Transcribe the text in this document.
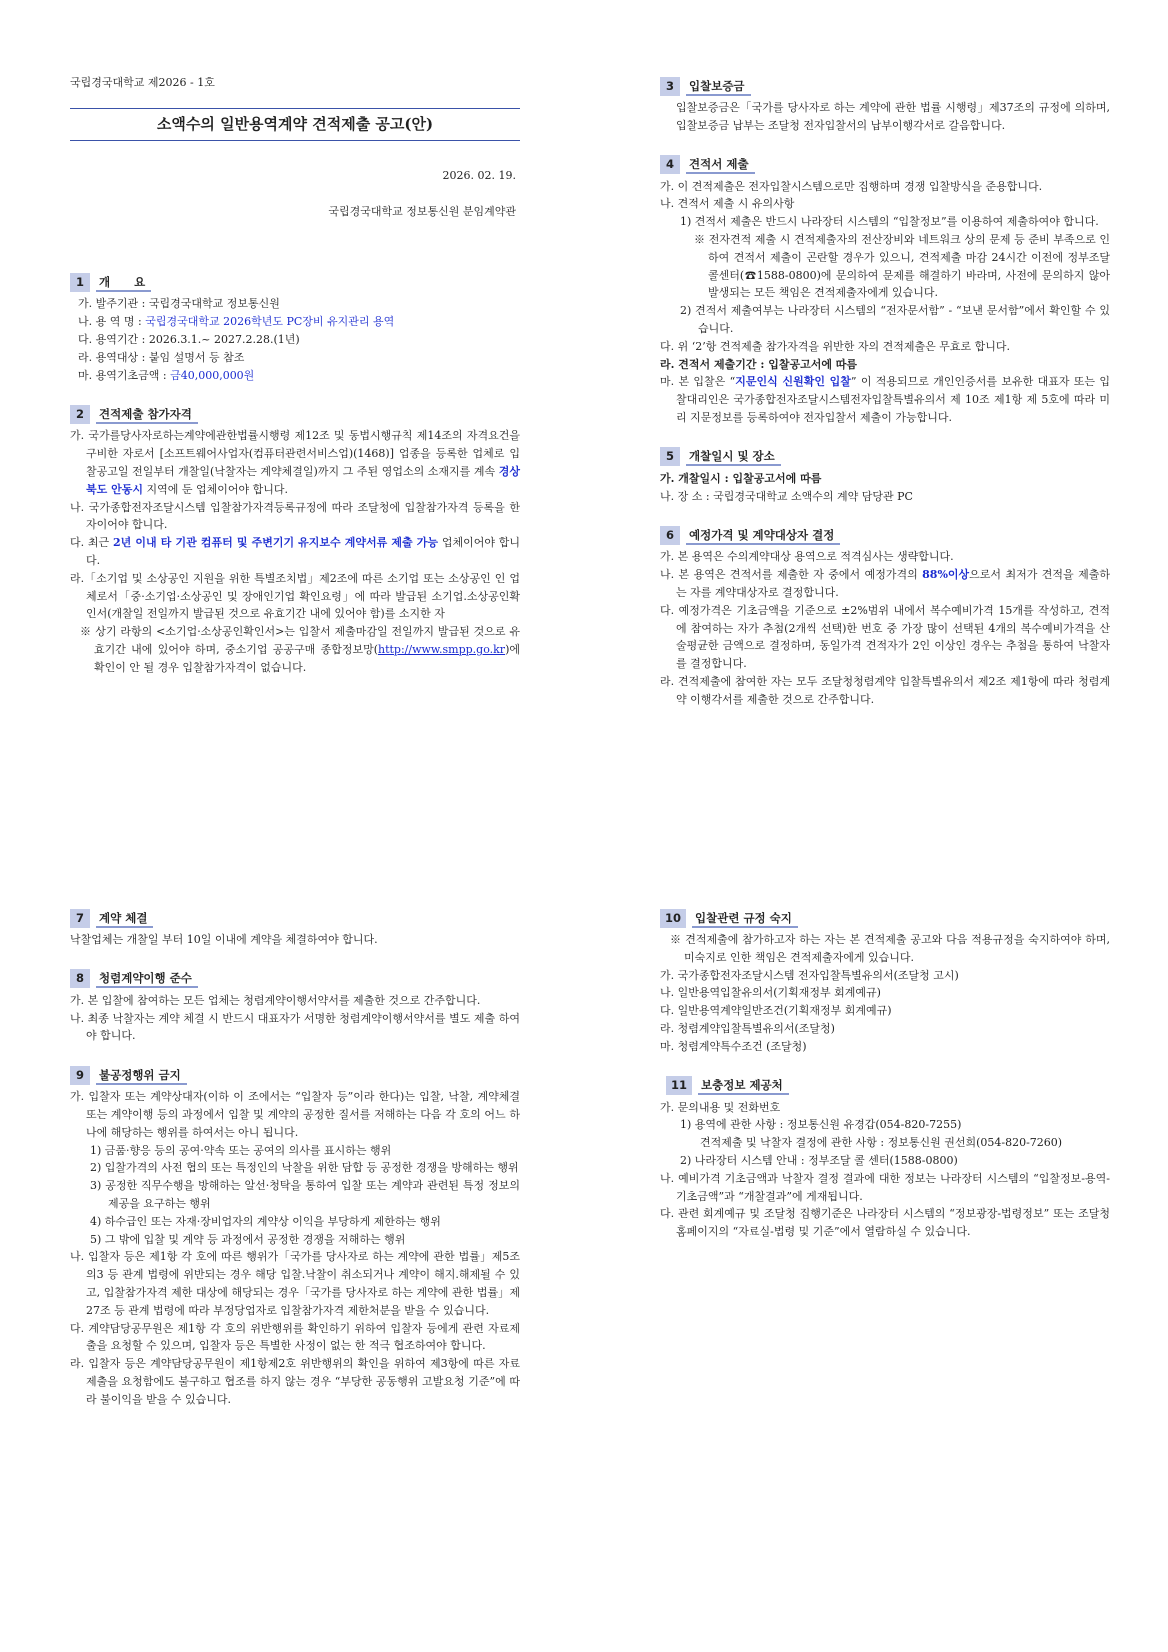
국립경국대학교 제2026 - 1호

소액수의 일반용역계약 견적제출 공고(안)
2026. 02. 19.
국립경국대학교 정보통신원 분임계약관
1	개      요

가. 발주기관 : 국립경국대학교 정보통신원

나. 용 역 명 : 국립경국대학교 2026학년도 PC장비 유지관리 용역

다. 용역기간 : 2026.3.1.~ 2027.2.28.(1년)

라. 용역대상 : 붙임 설명서 등 참조

마. 용역기초금액 : 금40,000,000원

2	견적제출 참가자격

가. 국가를당사자로하는계약에관한법률시행령 제12조 및 동법시행규칙 제14조의 자격요건을 구비한 자로서 [소프트웨어사업자(컴퓨터관련서비스업)(1468)] 업종을 등록한 업체로 입찰공고일 전일부터 개찰일(낙찰자는 계약체결일)까지 그 주된 영업소의 소재지를 계속 경상북도 안동시 지역에 둔 업체이어야 합니다.

나. 국가종합전자조달시스템 입찰참가자격등록규정에 따라 조달청에 입찰참가자격 등록을 한 자이어야 합니다.

다. 최근 2년 이내 타 기관 컴퓨터 및 주변기기 유지보수 계약서류 제출 가능 업체이어야 합니다.

라.「소기업 및 소상공인 지원을 위한 특별조치법」제2조에 따른 소기업 또는 소상공인 인 업체로서「중·소기업·소상공인 및 장애인기업 확인요령」에 따라 발급된 소기업.소상공인확인서(개찰일 전일까지 발급된 것으로 유효기간 내에 있어야 함)를 소지한 자

※ 상기 라항의 <소기업·소상공인확인서>는 입찰서 제출마감일 전일까지 발급된 것으로 유효기간 내에 있어야 하며, 중소기업 공공구매 종합정보망(http://www.smpp.go.kr)에 확인이 안 될 경우 입찰참가자격이 없습니다.

3	입찰보증금

입찰보증금은「국가를 당사자로 하는 계약에 관한 법률 시행령」제37조의 규정에 의하며, 입찰보증금 납부는 조달청 전자입찰서의 납부이행각서로 갈음합니다.

4	견적서 제출

가. 이 견적제출은 전자입찰시스템으로만 집행하며 경쟁 입찰방식을 준용합니다.

나. 견적서 제출 시 유의사항

1) 견적서 제출은 반드시 나라장터 시스템의 “입찰정보”를 이용하여 제출하여야 합니다.

※ 전자견적 제출 시 견적제출자의 전산장비와 네트워크 상의 문제 등 준비 부족으로 인하여 견적서 제출이 곤란할 경우가 있으니, 견적제출 마감 24시간 이전에 정부조달 콜센터(☎1588-0800)에 문의하여 문제를 해결하기 바라며, 사전에 문의하지 않아 발생되는 모든 책임은 견적제출자에게 있습니다.

2) 견적서 제출여부는 나라장터 시스템의 “전자문서함” - “보낸 문서함”에서 확인할 수 있습니다.

다. 위 ‘2’항 견적제출 참가자격을 위반한 자의 견적제출은 무효로 합니다.

라. 견적서 제출기간 : 입찰공고서에 따름

마. 본 입찰은 “지문인식 신원확인 입찰” 이 적용되므로 개인인증서를 보유한 대표자 또는 입찰대리인은 국가종합전자조달시스템전자입찰특별유의서 제 10조 제1항 제 5호에 따라 미리 지문정보를 등록하여야 전자입찰서 제출이 가능합니다.

5	개찰일시 및 장소

가. 개찰일시 : 입찰공고서에 따름

나. 장 소 : 국립경국대학교 소액수의 계약 담당관 PC

6	예정가격 및 계약대상자 결정

가. 본 용역은 수의계약대상 용역으로 적격심사는 생략합니다.

나. 본 용역은 견적서를 제출한 자 중에서 예정가격의 88%이상으로서 최저가 견적을 제출하는 자를 계약대상자로 결정합니다.

다. 예정가격은 기초금액을 기준으로 ±2%범위 내에서 복수예비가격 15개를 작성하고, 견적에 참여하는 자가 추첨(2개씩 선택)한 번호 중 가장 많이 선택된 4개의 복수예비가격을 산술평균한 금액으로 결정하며, 동일가격 견적자가 2인 이상인 경우는 추첨을 통하여 낙찰자를 결정합니다.

라. 견적제출에 참여한 자는 모두 조달청청렴계약 입찰특별유의서 제2조 제1항에 따라 청렴계약 이행각서를 제출한 것으로 간주합니다.

7	계약 체결

낙찰업체는 개찰일 부터 10일 이내에 계약을 체결하여야 합니다.

8	청렴계약이행 준수

가. 본 입찰에 참여하는 모든 업체는 청렴계약이행서약서를 제출한 것으로 간주합니다.

나. 최종 낙찰자는 계약 체결 시 반드시 대표자가 서명한 청렴계약이행서약서를 별도 제출 하여야 합니다.

9	불공정행위 금지

가. 입찰자 또는 계약상대자(이하 이 조에서는 “입찰자 등”이라 한다)는 입찰, 낙찰, 계약체결 또는 계약이행 등의 과정에서 입찰 및 계약의 공정한 질서를 저해하는 다음 각 호의 어느 하나에 해당하는 행위를 하여서는 아니 됩니다.

1) 금품·향응 등의 공여·약속 또는 공여의 의사를 표시하는 행위

2) 입찰가격의 사전 협의 또는 특정인의 낙찰을 위한 담합 등 공정한 경쟁을 방해하는 행위

3) 공정한 직무수행을 방해하는 알선·청탁을 통하여 입찰 또는 계약과 관련된 특정 정보의 제공을 요구하는 행위

4) 하수급인 또는 자재·장비업자의 계약상 이익을 부당하게 제한하는 행위

5) 그 밖에 입찰 및 계약 등 과정에서 공정한 경쟁을 저해하는 행위

나. 입찰자 등은 제1항 각 호에 따른 행위가「국가를 당사자로 하는 계약에 관한 법률」제5조의3 등 관계 법령에 위반되는 경우 해당 입찰.낙찰이 취소되거나 계약이 해지.해제될 수 있고, 입찰참가자격 제한 대상에 해당되는 경우「국가를 당사자로 하는 계약에 관한 법률」제27조 등 관계 법령에 따라 부정당업자로 입찰참가자격 제한처분을 받을 수 있습니다.

다. 계약담당공무원은 제1항 각 호의 위반행위를 확인하기 위하여 입찰자 등에게 관련 자료제출을 요청할 수 있으며, 입찰자 등은 특별한 사정이 없는 한 적극 협조하여야 합니다.

라. 입찰자 등은 계약담당공무원이 제1항제2호 위반행위의 확인을 위하여 제3항에 따른 자료제출을 요청함에도 불구하고 협조를 하지 않는 경우 “부당한 공동행위 고발요청 기준”에 따라 불이익을 받을 수 있습니다.

10	입찰관련 규정 숙지

※ 견적제출에 참가하고자 하는 자는 본 견적제출 공고와 다음 적용규정을 숙지하여야 하며, 미숙지로 인한 책임은 견적제출자에게 있습니다.

가. 국가종합전자조달시스템 전자입찰특별유의서(조달청 고시)

나. 일반용역입찰유의서(기획재정부 회계예규)

다. 일반용역계약일반조건(기획재정부 회계예규)

라. 청렴계약입찰특별유의서(조달청)

마. 청렴계약특수조건 (조달청)

11	보충정보 제공처

가. 문의내용 및 전화번호

1) 용역에 관한 사항 : 정보통신원 유경갑(054-820-7255)

견적제출 및 낙찰자 결정에 관한 사항 : 정보통신원 권선희(054-820-7260)

2) 나라장터 시스템 안내 : 정부조달 콜 센터(1588-0800)

나. 예비가격 기초금액과 낙찰자 결정 결과에 대한 정보는 나라장터 시스템의 “입찰정보-용역-기초금액”과 “개찰결과”에 게재됩니다.

다. 관련 회계예규 및 조달청 집행기준은 나라장터 시스템의 “정보광장-법령정보” 또는 조달청 홈페이지의 “자료실-법령 및 기준”에서 열람하실 수 있습니다.
